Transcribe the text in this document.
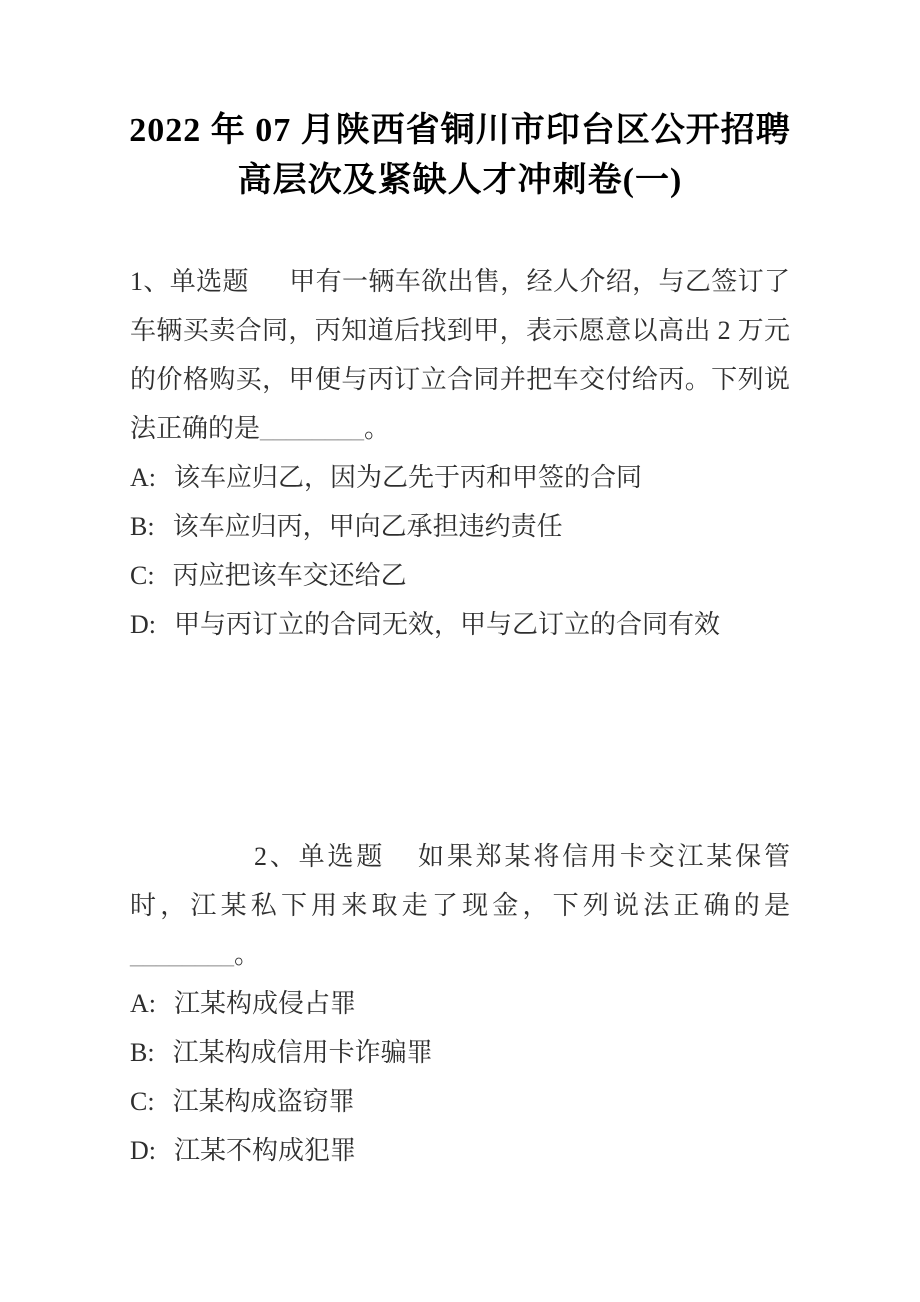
2022 年 07 月陕西省铜川市印台区公开招聘
高层次及紧缺人才冲刺卷(一)

1、单选题 甲有一辆车欲出售，经人介绍，与乙签订了车辆买卖合同，丙知道后找到甲，表示愿意以高出 2 万元的价格购买，甲便与丙订立合同并把车交付给丙。下列说法正确的是________。

A: 该车应归乙，因为乙先于丙和甲签的合同

B: 该车应归丙，甲向乙承担违约责任

C: 丙应把该车交还给乙

D: 甲与丙订立的合同无效，甲与乙订立的合同有效

2、单选题 如果郑某将信用卡交江某保管时，江某私下用来取走了现金，下列说法正确的是________。

A: 江某构成侵占罪

B: 江某构成信用卡诈骗罪

C: 江某构成盗窃罪

D: 江某不构成犯罪
